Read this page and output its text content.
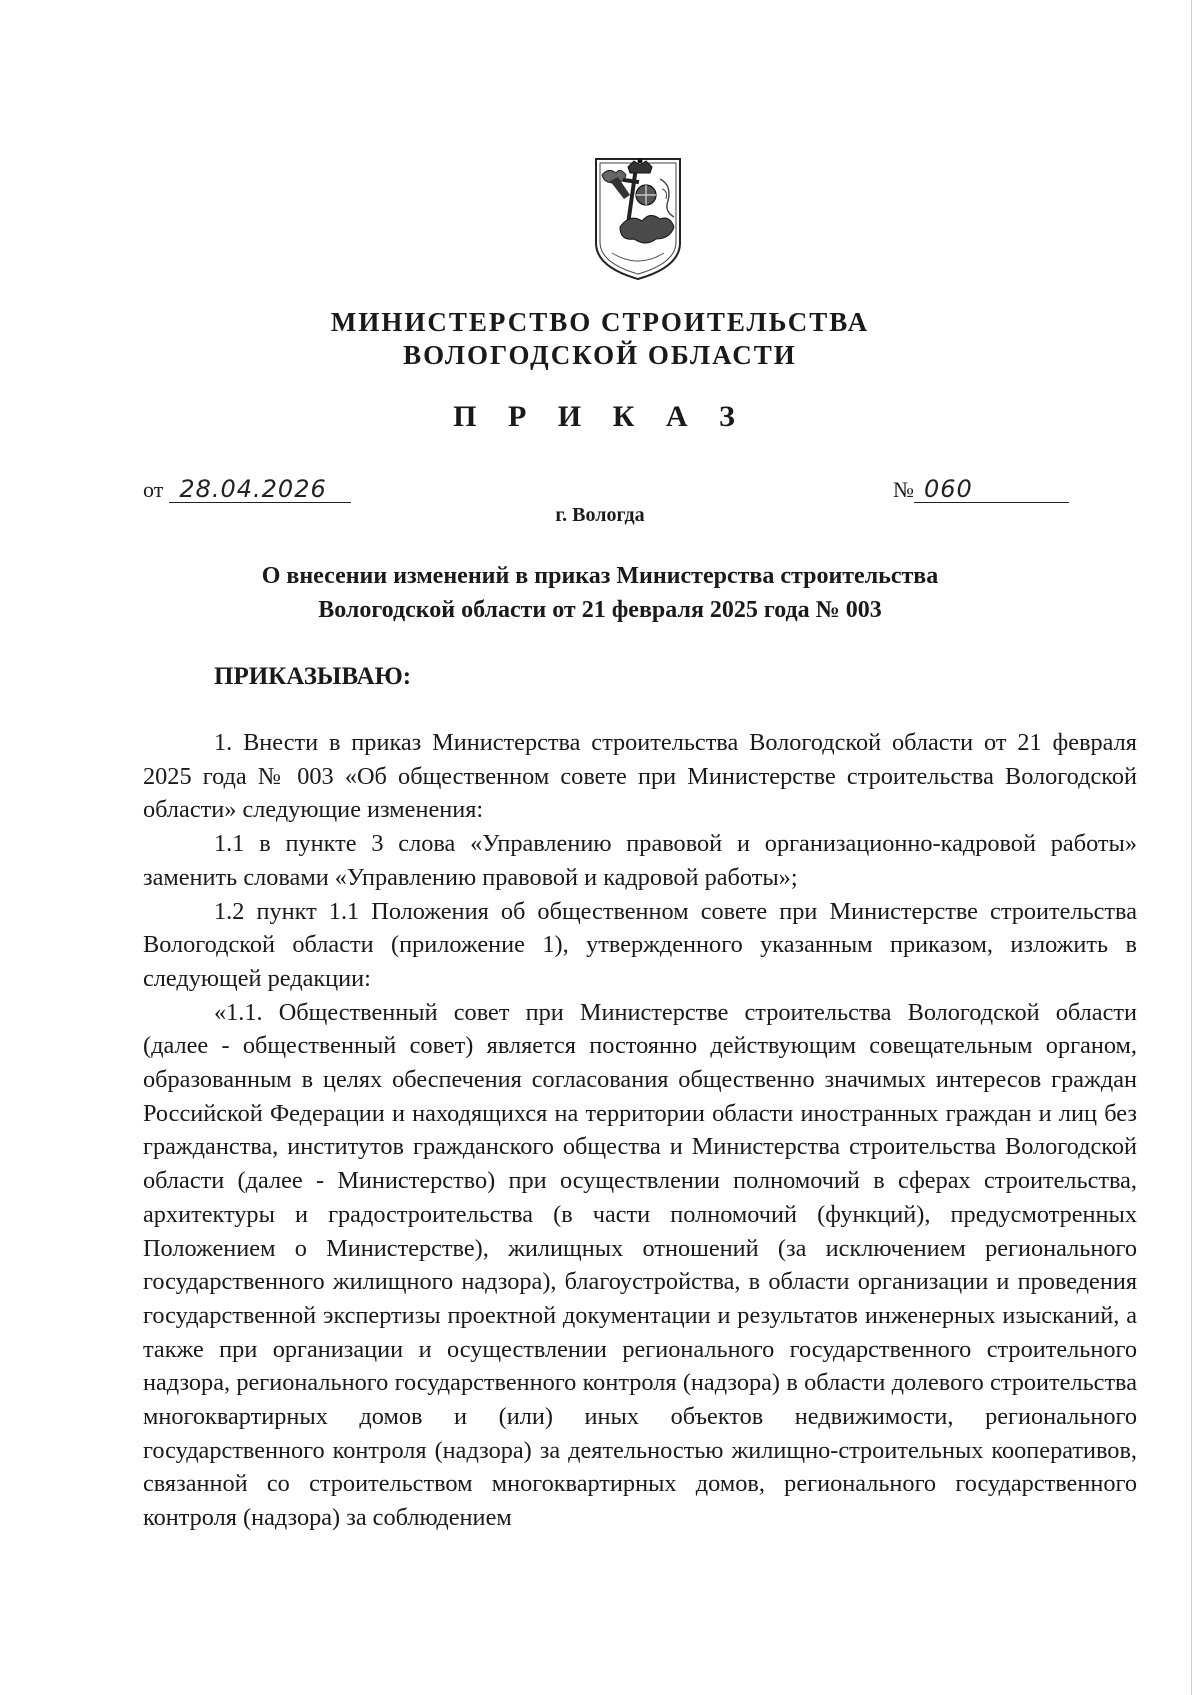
МИНИСТЕРСТВО СТРОИТЕЛЬСТВА
ВОЛОГОДСКОЙ ОБЛАСТИ
П Р И К А З
от 28.04.2026	№ 060
г. Вологда
О внесении изменений в приказ Министерства строительства
Вологодской области от 21 февраля 2025 года № 003
ПРИКАЗЫВАЮ:

1. Внести в приказ Министерства строительства Вологодской области от 21 февраля 2025 года № 003 «Об общественном совете при Министерстве строительства Вологодской области» следующие изменения:

1.1 в пункте 3 слова «Управлению правовой и организационно-кадровой работы» заменить словами «Управлению правовой и кадровой работы»;

1.2 пункт 1.1 Положения об общественном совете при Министерстве строительства Вологодской области (приложение 1), утвержденного указанным приказом, изложить в следующей редакции:

«1.1. Общественный совет при Министерстве строительства Вологодской области (далее - общественный совет) является постоянно действующим совещательным органом, образованным в целях обеспечения согласования общественно значимых интересов граждан Российской Федерации и находящихся на территории области иностранных граждан и лиц без гражданства, институтов гражданского общества и Министерства строительства Вологодской области (далее - Министерство) при осуществлении полномочий в сферах строительства, архитектуры и градостроительства (в части полномочий (функций), предусмотренных Положением о Министерстве), жилищных отношений (за исключением регионального государственного жилищного надзора), благоустройства, в области организации и проведения государственной экспертизы проектной документации и результатов инженерных изысканий, а также при организации и осуществлении регионального государственного строительного надзора, регионального государственного контроля (надзора) в области долевого строительства многоквартирных домов и (или) иных объектов недвижимости, регионального государственного контроля (надзора) за деятельностью жилищно-строительных кооперативов, связанной со строительством многоквартирных домов, регионального государственного контроля (надзора) за соблюдением
